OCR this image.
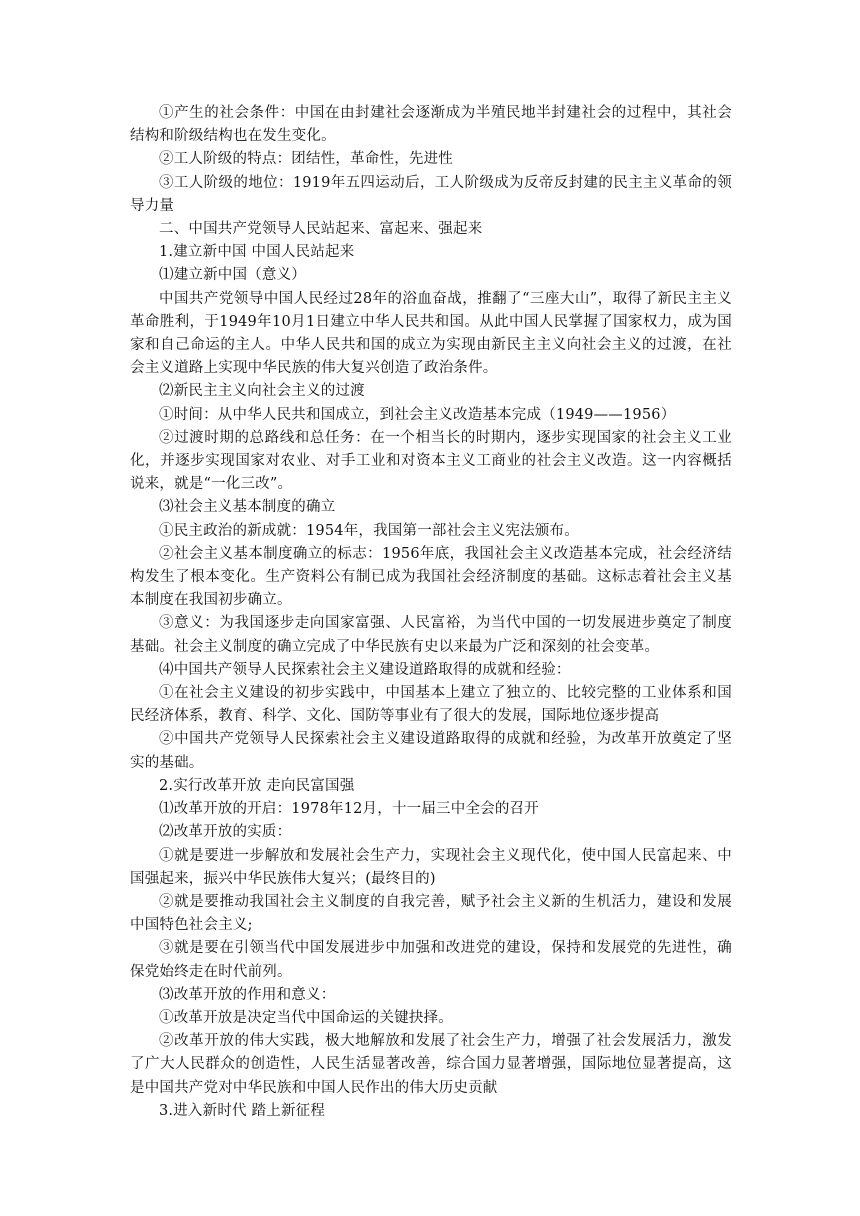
①产生的社会条件：中国在由封建社会逐渐成为半殖民地半封建社会的过程中，其社会结构和阶级结构也在发生变化。

②工人阶级的特点：团结性，革命性，先进性

③工人阶级的地位：1919年五四运动后，工人阶级成为反帝反封建的民主主义革命的领导力量

二、中国共产党领导人民站起来、富起来、强起来

1.建立新中国 中国人民站起来

⑴建立新中国（意义）

中国共产党领导中国人民经过28年的浴血奋战，推翻了“三座大山”，取得了新民主主义革命胜利，于1949年10月1日建立中华人民共和国。从此中国人民掌握了国家权力，成为国家和自己命运的主人。中华人民共和国的成立为实现由新民主主义向社会主义的过渡，在社会主义道路上实现中华民族的伟大复兴创造了政治条件。

⑵新民主主义向社会主义的过渡

①时间：从中华人民共和国成立，到社会主义改造基本完成（1949——1956）

②过渡时期的总路线和总任务：在一个相当长的时期内，逐步实现国家的社会主义工业化，并逐步实现国家对农业、对手工业和对资本主义工商业的社会主义改造。这一内容概括说来，就是“一化三改”。

⑶社会主义基本制度的确立

①民主政治的新成就：1954年，我国第一部社会主义宪法颁布。

②社会主义基本制度确立的标志：1956年底，我国社会主义改造基本完成，社会经济结构发生了根本变化。生产资料公有制已成为我国社会经济制度的基础。这标志着社会主义基本制度在我国初步确立。

③意义：为我国逐步走向国家富强、人民富裕，为当代中国的一切发展进步奠定了制度基础。社会主义制度的确立完成了中华民族有史以来最为广泛和深刻的社会变革。

⑷中国共产领导人民探索社会主义建设道路取得的成就和经验：

①在社会主义建设的初步实践中，中国基本上建立了独立的、比较完整的工业体系和国民经济体系，教育、科学、文化、国防等事业有了很大的发展，国际地位逐步提高

②中国共产党领导人民探索社会主义建设道路取得的成就和经验，为改革开放奠定了坚实的基础。

2.实行改革开放 走向民富国强

⑴改革开放的开启：1978年12月，十一届三中全会的召开

⑵改革开放的实质：

①就是要进一步解放和发展社会生产力，实现社会主义现代化，使中国人民富起来、中国强起来，振兴中华民族伟大复兴；(最终目的)

②就是要推动我国社会主义制度的自我完善，赋予社会主义新的生机活力，建设和发展中国特色社会主义;

③就是要在引领当代中国发展进步中加强和改进党的建设，保持和发展党的先进性，确保党始终走在时代前列。

⑶改革开放的作用和意义：

①改革开放是决定当代中国命运的关键抉择。

②改革开放的伟大实践，极大地解放和发展了社会生产力，增强了社会发展活力，激发了广大人民群众的创造性，人民生活显著改善，综合国力显著增强，国际地位显著提高，这是中国共产党对中华民族和中国人民作出的伟大历史贡献

3.进入新时代 踏上新征程
